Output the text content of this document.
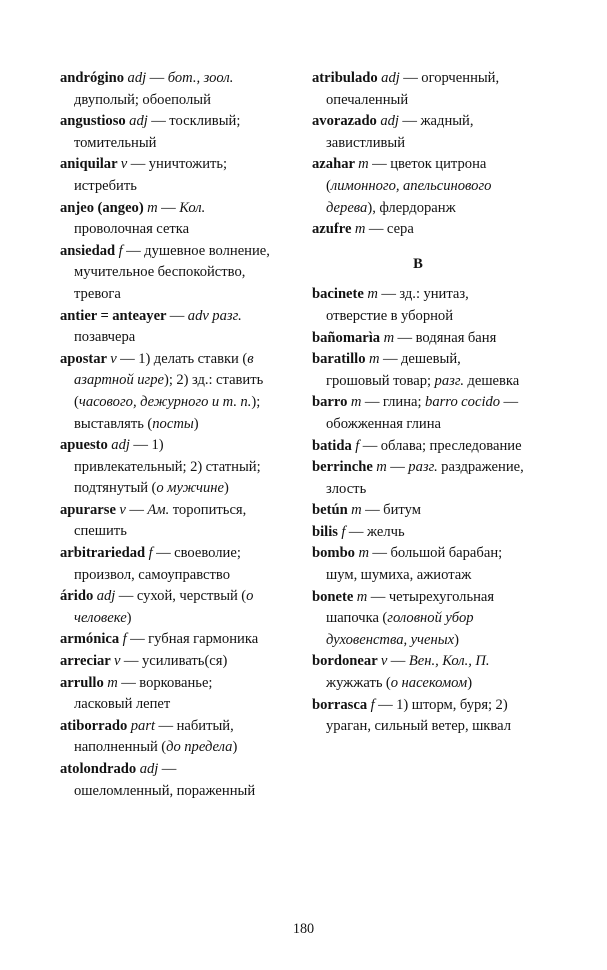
andrógino adj — бот., зоол. двуполый; обоеполый

angustioso adj — тоскливый; томительный

aniquilar v — уничтожить; истребить

anjeo (angeo) m — Кол. проволочная сетка

ansiedad f — душевное волнение, мучительное беспокойство, тревога

antier = anteayer — adv разг. позавчера

apostar v — 1) делать ставки (в азартной игре); 2) зд.: ставить (часового, дежурного и т. п.); выставлять (посты)

apuesto adj — 1) привлекательный; 2) статный; подтянутый (о мужчине)

apurarse v — Ам. торопиться, спешить

arbitrariedad f — своеволие; произвол, самоуправство

árido adj — сухой, черствый (о человеке)

armónica f — губная гармоника

arreciar v — усиливать(ся)

arrullo m — воркованье; ласковый лепет

atiborrado part — набитый, наполненный (до предела)

atolondrado adj — ошеломленный, пораженный

atribulado adj — огорченный, опечаленный

avorazado adj — жадный, завистливый

azahar m — цветок цитрона (лимонного, апельсинового дерева), флердоранж

azufre m — сера

B

bacinete m — зд.: унитаз, отверстие в уборной

bañomarìa m — водяная баня

baratillo m — дешевый, грошовый товар; разг. дешевка

barro m — глина; barro cocido — обожженная глина

batida f — облава; преследование

berrinche m — разг. раздражение, злость

betún m — битум

bilis f — желчь

bombo m — большой барабан; шум, шумиха, ажиотаж

bonete m — четырехугольная шапочка (головной убор духовенства, ученых)

bordonear v — Вен., Кол., П. жужжать (о насекомом)

borrasca f — 1) шторм, буря; 2) ураган, сильный ветер, шквал

180
